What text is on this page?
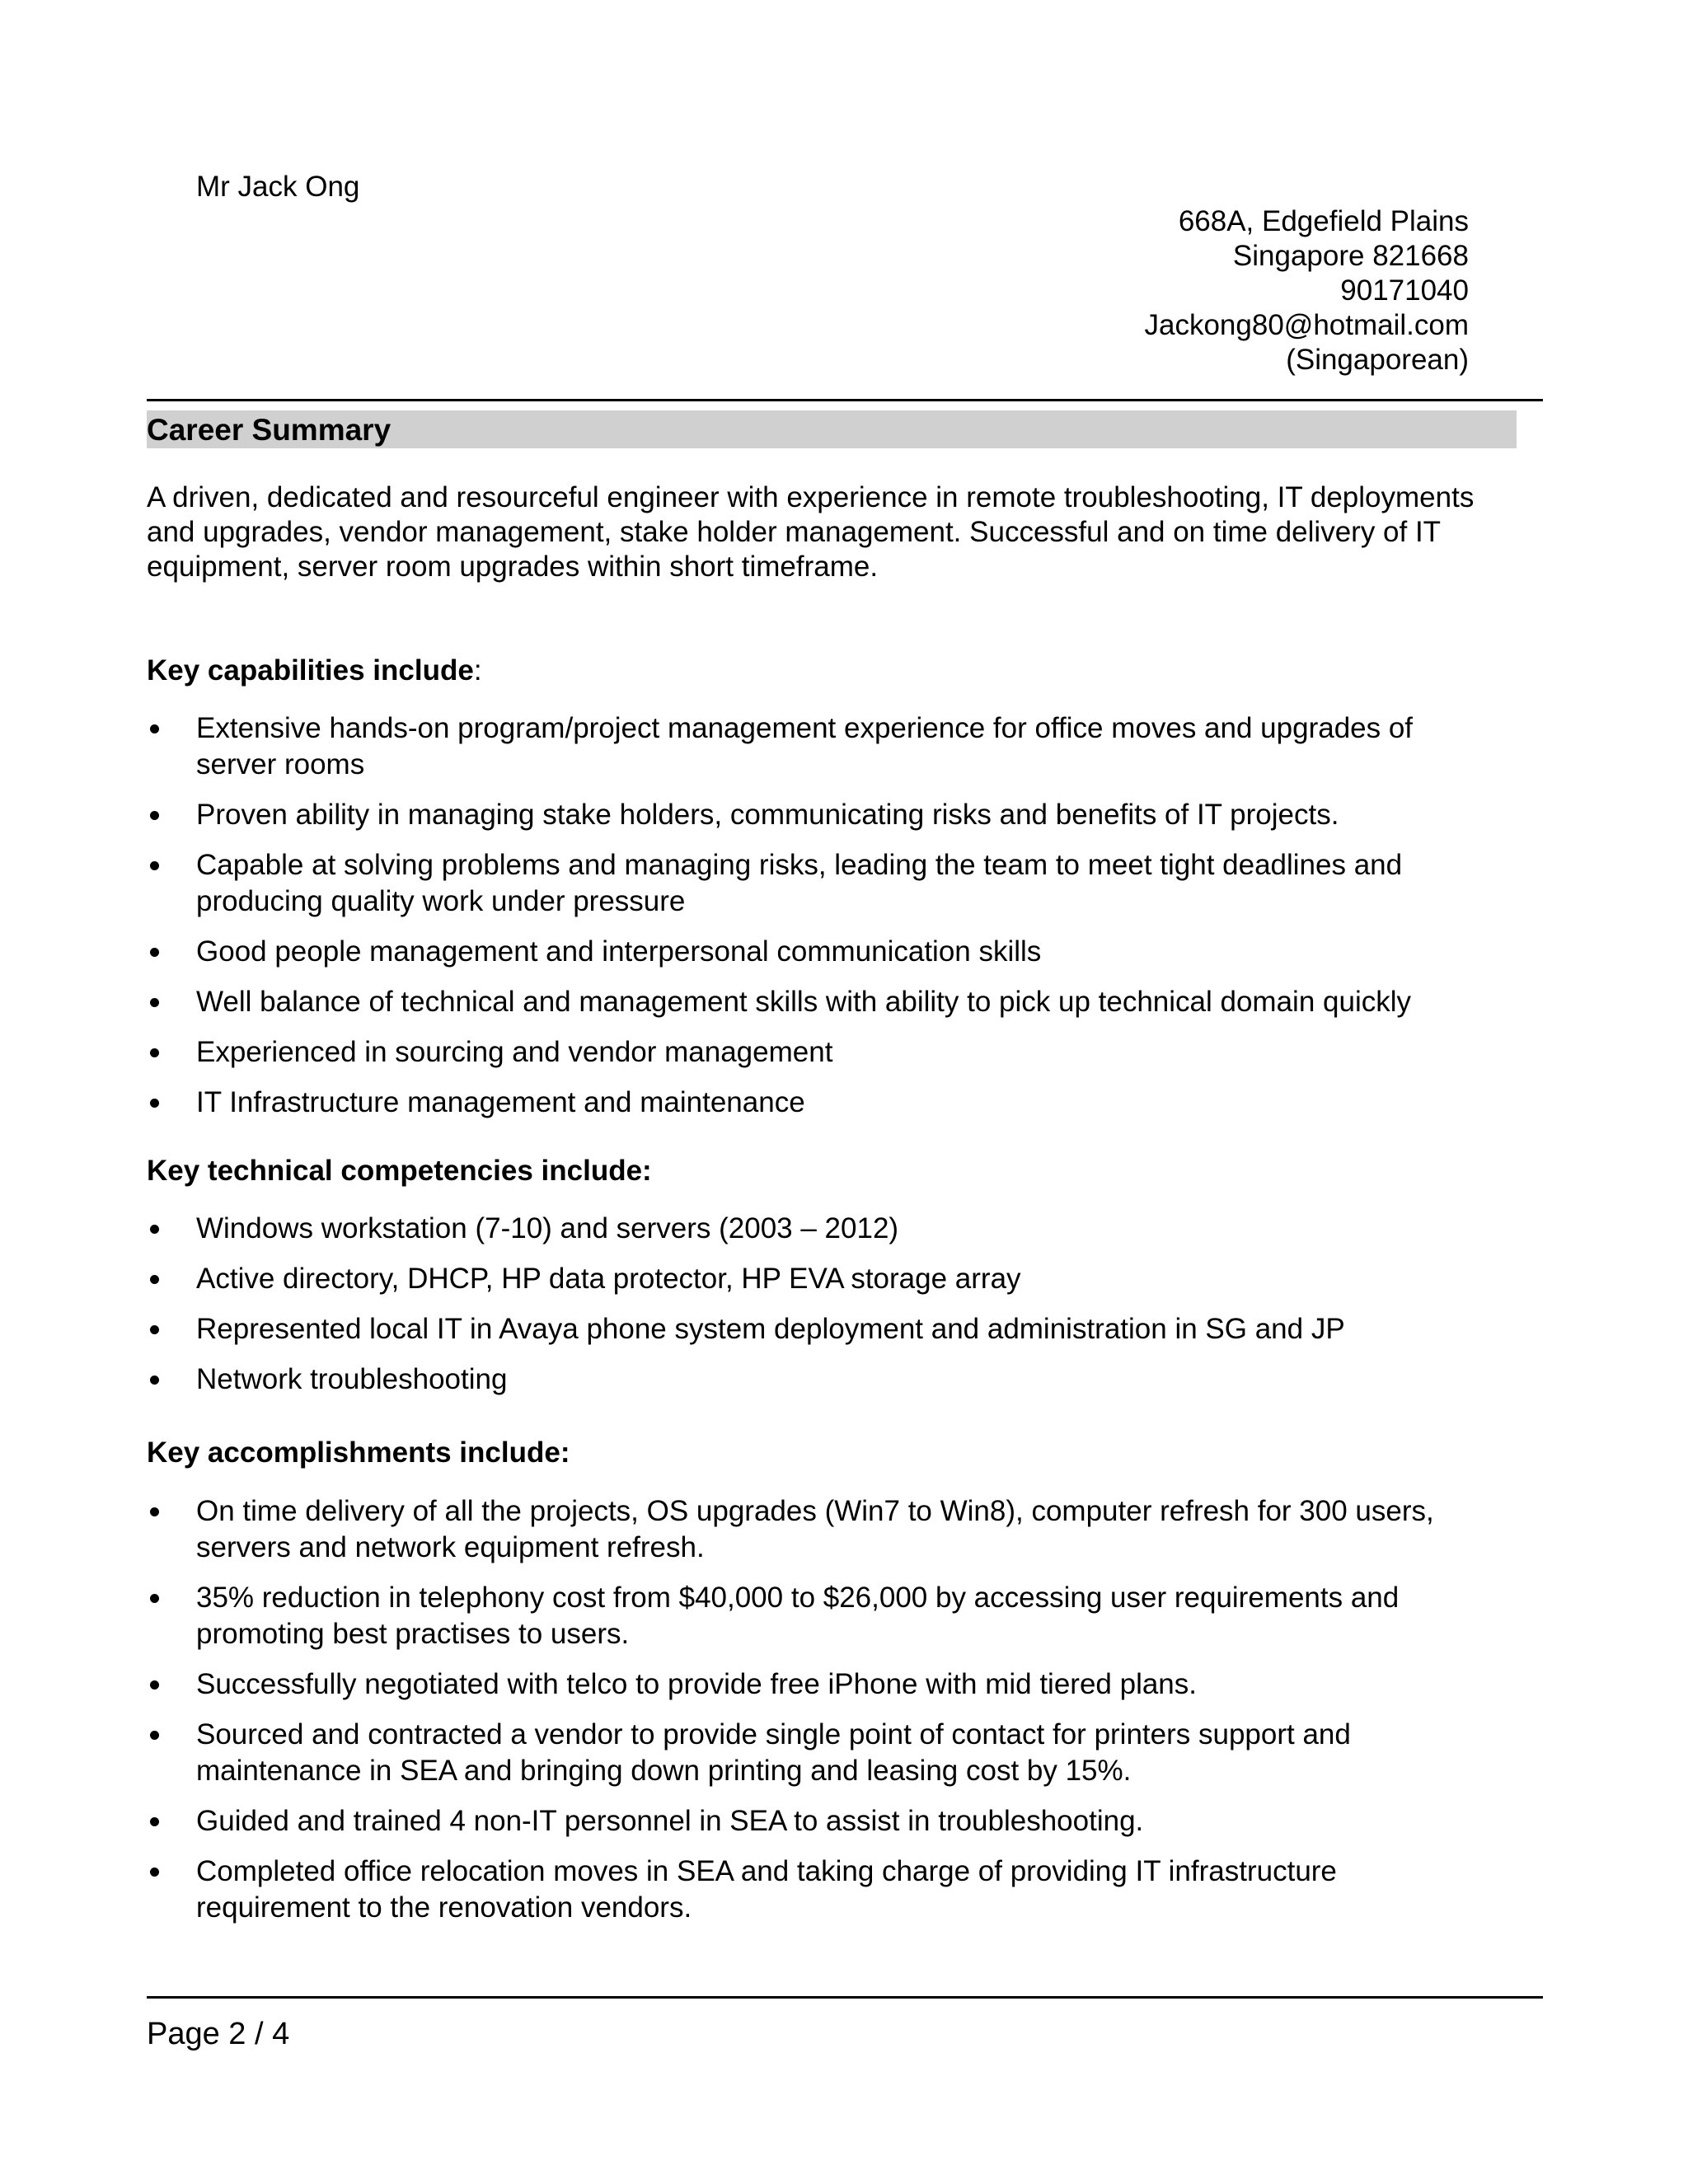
Mr Jack Ong

668A, Edgefield Plains
Singapore 821668
90171040
Jackong80@hotmail.com
(Singaporean)
Career Summary

A driven, dedicated and resourceful engineer with experience in remote troubleshooting, IT deployments and upgrades, vendor management, stake holder management. Successful and on time delivery of IT equipment, server room upgrades within short timeframe.

Key capabilities include:

Extensive hands-on program/project management experience for office moves and upgrades of server rooms
Proven ability in managing stake holders, communicating risks and benefits of IT projects.
Capable at solving problems and managing risks, leading the team to meet tight deadlines and producing quality work under pressure
Good people management and interpersonal communication skills
Well balance of technical and management skills with ability to pick up technical domain quickly
Experienced in sourcing and vendor management
IT Infrastructure management and maintenance

Key technical competencies include:

Windows workstation (7-10) and servers (2003 – 2012)
Active directory, DHCP, HP data protector, HP EVA storage array
Represented local IT in Avaya phone system deployment and administration in SG and JP
Network troubleshooting

Key accomplishments include:

On time delivery of all the projects, OS upgrades (Win7 to Win8), computer refresh for 300 users, servers and network equipment refresh.
35% reduction in telephony cost from $40,000 to $26,000 by accessing user requirements and promoting best practises to users.
Successfully negotiated with telco to provide free iPhone with mid tiered plans.
Sourced and contracted a vendor to provide single point of contact for printers support and maintenance in SEA and bringing down printing and leasing cost by 15%.
Guided and trained 4 non-IT personnel in SEA to assist in troubleshooting.
Completed office relocation moves in SEA and taking charge of providing IT infrastructure requirement to the renovation vendors.

Page 2 / 4
